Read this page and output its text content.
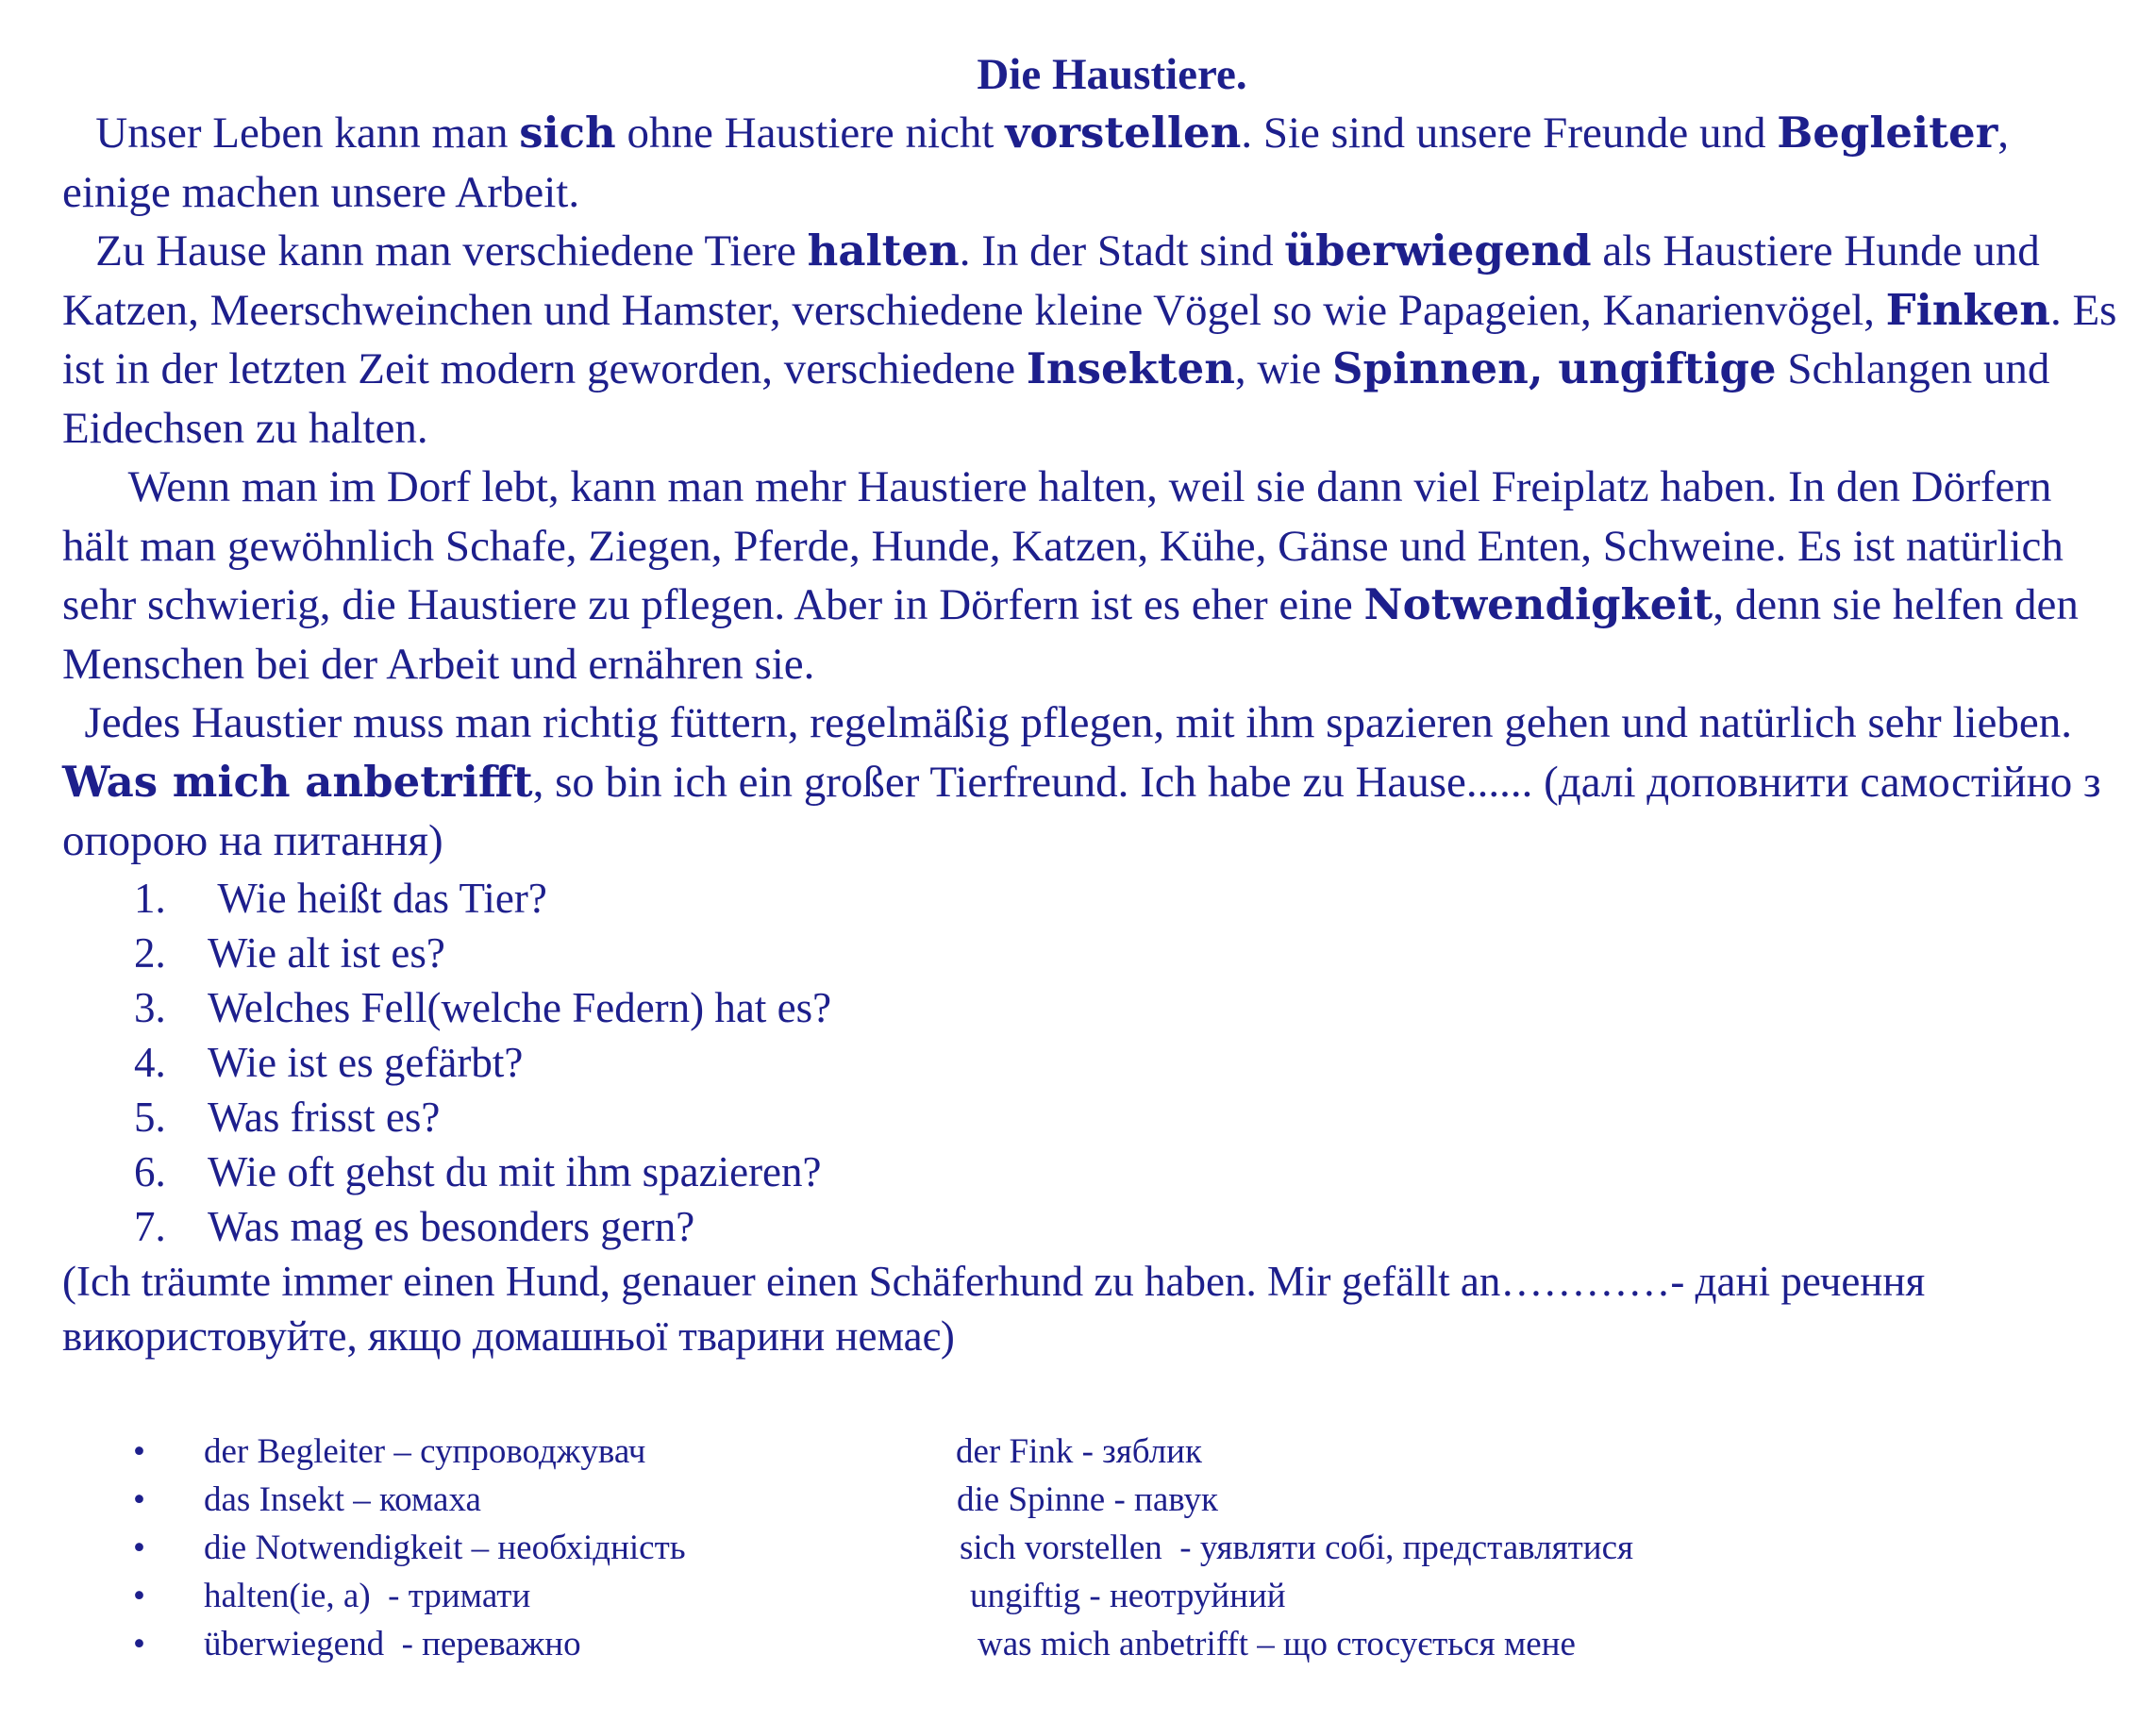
Die Haustiere.

Unser Leben kann man sich ohne Haustiere nicht vorstellen. Sie sind unsere Freunde und Begleiter, einige machen unsere Arbeit.

Zu Hause kann man verschiedene Tiere halten. In der Stadt sind überwiegend als Haustiere Hunde und Katzen, Meerschweinchen und Hamster, verschiedene kleine Vögel so wie Papageien, Kanarienvögel, Finken. Es ist in der letzten Zeit modern geworden, verschiedene Insekten, wie Spinnen, ungiftige Schlangen und Eidechsen zu halten.

Wenn man im Dorf lebt, kann man mehr Haustiere halten, weil sie dann viel Freiplatz haben. In den Dörfern hält man gewöhnlich Schafe, Ziegen, Pferde, Hunde, Katzen, Kühe, Gänse und Enten, Schweine. Es ist natürlich sehr schwierig, die Haustiere zu pflegen. Aber in Dörfern ist es eher eine Notwendigkeit, denn sie helfen den Menschen bei der Arbeit und ernähren sie.

Jedes Haustier muss man richtig füttern, regelmäßig pflegen, mit ihm spazieren gehen und natürlich sehr lieben. Was mich anbetrifft, so bin ich ein großer Tierfreund. Ich habe zu Hause...... (далі доповнити самостійно з опорою на питання)

1. Wie heißt das Tier?
2. Wie alt ist es?
3. Welches Fell(welche Federn) hat es?
4. Wie ist es gefärbt?
5. Was frisst es?
6. Wie oft gehst du mit ihm spazieren?
7. Was mag es besonders gern?

(Ich träumte immer einen Hund, genauer einen Schäferhund zu haben. Mir gefällt an…………- дані речення використовуйте, якщо домашньої тварини немає)

• der Begleiter – супроводжувач	der Fink - зяблик
• das Insekt – комаха	die Spinne - павук
• die Notwendigkeit – необхідність	sich vorstellen  - уявляти собі, представлятися
• halten(ie, a)  - тримати	ungiftig - неотруйний
• überwiegend  - переважно	was mich anbetrifft – що стосується мене
